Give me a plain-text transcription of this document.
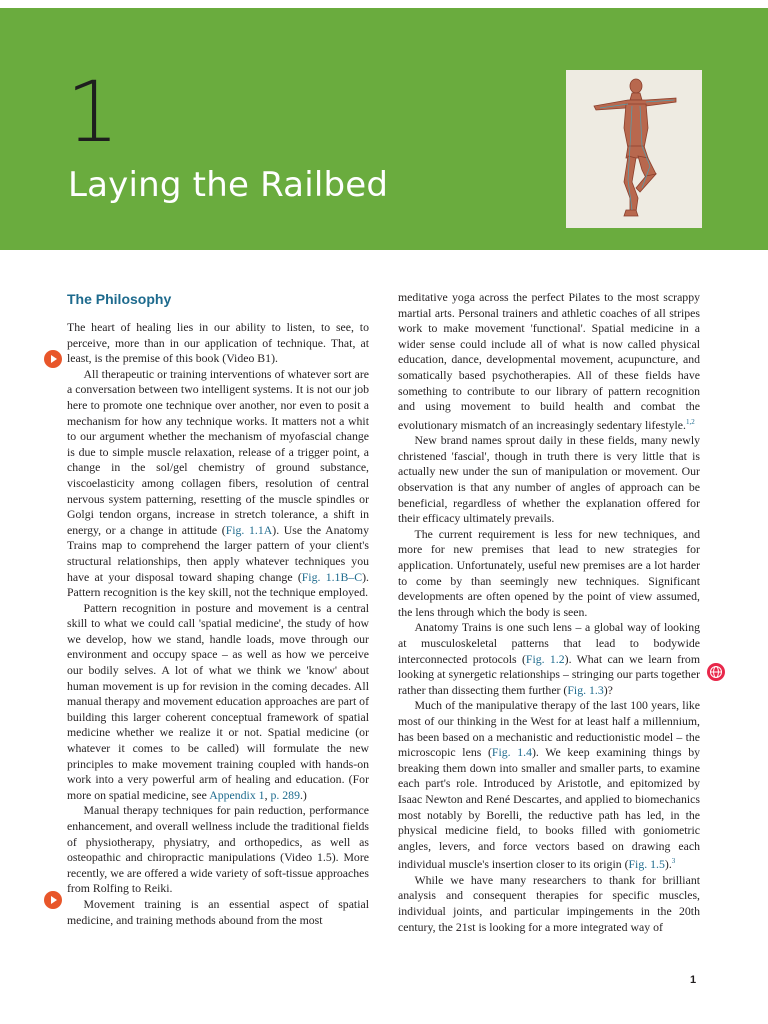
1
Laying the Railbed
The Philosophy

The heart of healing lies in our ability to listen, to see, to perceive, more than in our application of technique. That, at least, is the premise of this book (Video B1).

All therapeutic or training interventions of whatever sort are a conversation between two intelligent systems. It is not our job here to promote one technique over another, nor even to posit a mechanism for how any technique works. It matters not a whit to our argument whether the mechanism of myofascial change is due to simple muscle relaxation, release of a trigger point, a change in the sol/gel chemistry of ground substance, viscoelasticity among collagen fibers, resolution of central nervous system patterning, resetting of the muscle spindles or Golgi tendon organs, increase in stretch tolerance, a shift in energy, or a change in attitude (Fig. 1.1A). Use the Anatomy Trains map to comprehend the larger pattern of your client's structural relationships, then apply whatever techniques you have at your disposal toward shaping change (Fig. 1.1B–C). Pattern recognition is the key skill, not the technique employed.

Pattern recognition in posture and movement is a central skill to what we could call 'spatial medicine', the study of how we develop, how we stand, handle loads, move through our environment and occupy space – as well as how we perceive our bodily selves. A lot of what we think we 'know' about human movement is up for revision in the coming decades. All manual therapy and movement education approaches are part of building this larger coherent conceptual framework of spatial medicine whether we realize it or not. Spatial medicine (or whatever it comes to be called) will formulate the new principles to make movement training coupled with hands-on work into a very powerful arm of healing and education. (For more on spatial medicine, see Appendix 1, p. 289.)

Manual therapy techniques for pain reduction, performance enhancement, and overall wellness include the traditional fields of physiotherapy, physiatry, and orthopedics, as well as osteopathic and chiropractic manipulations (Video 1.5). More recently, we are offered a wide variety of soft-tissue approaches from Rolfing to Reiki.

Movement training is an essential aspect of spatial medicine, and training methods abound from the most

meditative yoga across the perfect Pilates to the most scrappy martial arts. Personal trainers and athletic coaches of all stripes work to make movement 'functional'. Spatial medicine in a wider sense could include all of what is now called physical education, dance, developmental movement, acupuncture, and somatically based psychotherapies. All of these fields have something to contribute to our library of pattern recognition and using movement to build health and combat the evolutionary mismatch of an increasingly sedentary lifestyle.$^{1,2}$

New brand names sprout daily in these fields, many newly christened 'fascial', though in truth there is very little that is actually new under the sun of manipulation or movement. Our observation is that any number of angles of approach can be beneficial, regardless of whether the explanation offered for their efficacy ultimately prevails.

The current requirement is less for new techniques, and more for new premises that lead to new strategies for application. Unfortunately, useful new premises are a lot harder to come by than seemingly new techniques. Significant developments are often opened by the point of view assumed, the lens through which the body is seen.

Anatomy Trains is one such lens – a global way of looking at musculoskeletal patterns that lead to bodywide interconnected protocols (Fig. 1.2). What can we learn from looking at synergetic relationships – stringing our parts together rather than dissecting them further (Fig. 1.3)?

Much of the manipulative therapy of the last 100 years, like most of our thinking in the West for at least half a millennium, has been based on a mechanistic and reductionistic model – the microscopic lens (Fig. 1.4). We keep examining things by breaking them down into smaller and smaller parts, to examine each part's role. Introduced by Aristotle, and epitomized by Isaac Newton and René Descartes, and applied to biomechanics most notably by Borelli, the reductive path has led, in the physical medicine field, to books filled with goniometric angles, levers, and force vectors based on drawing each individual muscle's insertion closer to its origin (Fig. 1.5).$^3$

While we have many researchers to thank for brilliant analysis and consequent therapies for specific muscles, individual joints, and particular impingements in the 20th century, the 21st is looking for a more integrated way of

1
